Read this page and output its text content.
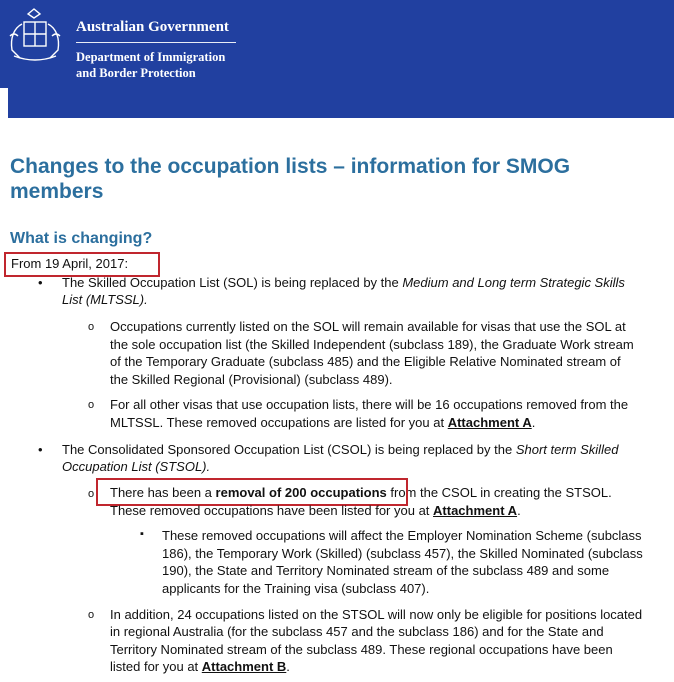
Australian Government
Department of Immigration
and Border Protection
Changes to the occupation lists – information for SMOG members
What is changing?
From 19 April, 2017:
• The Skilled Occupation List (SOL) is being replaced by the Medium and Long term Strategic Skills
List (MLTSSL).
o Occupations currently listed on the SOL will remain available for visas that use the SOL at
the sole occupation list (the Skilled Independent (subclass 189), the Graduate Work stream
of the Temporary Graduate (subclass 485) and the Eligible Relative Nominated stream of
the Skilled Regional (Provisional) (subclass 489).
o For all other visas that use occupation lists, there will be 16 occupations removed from the
MLTSSL. These removed occupations are listed for you at Attachment A.
• The Consolidated Sponsored Occupation List (CSOL) is being replaced by the Short term Skilled
Occupation List (STSOL).
o There has been a removal of 200 occupations from the CSOL in creating the STSOL.
These removed occupations have been listed for you at Attachment A.
▪ These removed occupations will affect the Employer Nomination Scheme (subclass
186), the Temporary Work (Skilled) (subclass 457), the Skilled Nominated (subclass
190), the State and Territory Nominated stream of the subclass 489 and some
applicants for the Training visa (subclass 407).
o In addition, 24 occupations listed on the STSOL will now only be eligible for positions located
in regional Australia (for the subclass 457 and the subclass 186) and for the State and
Territory Nominated stream of the subclass 489. These regional occupations have been
listed for you at Attachment B.
